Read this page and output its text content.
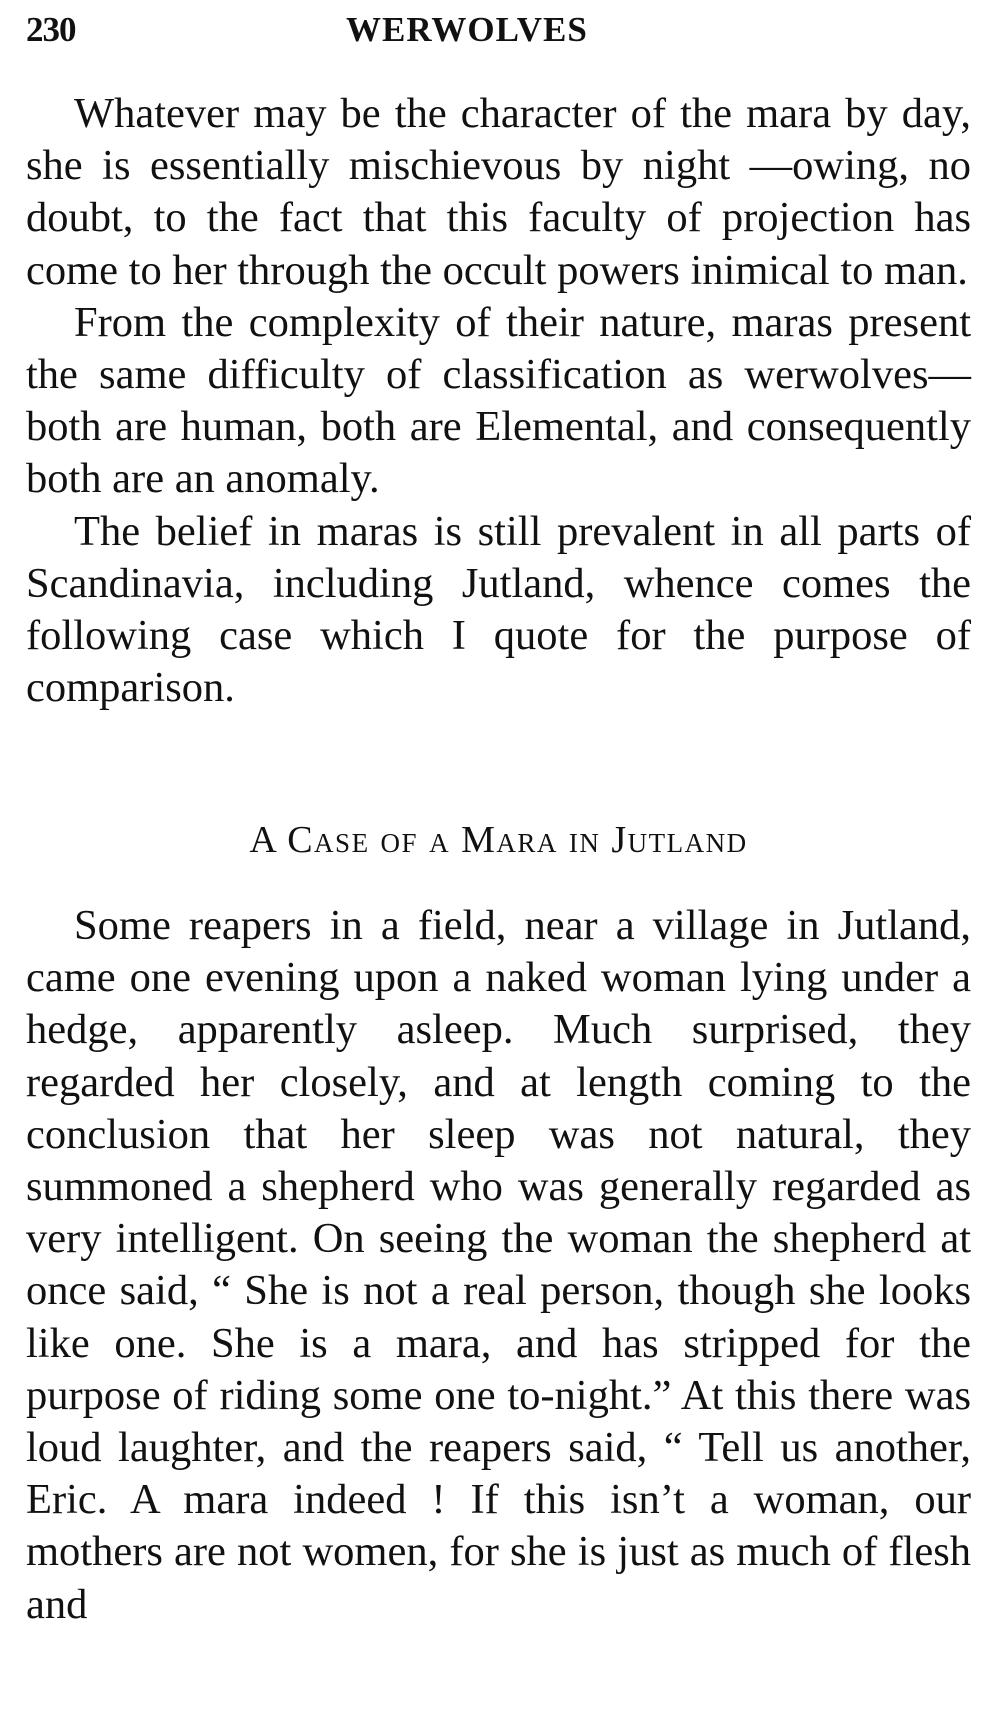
230	WERWOLVES

Whatever may be the character of the mara by day, she is essentially mischievous by night —owing, no doubt, to the fact that this faculty of projection has come to her through the occult powers inimical to man.

From the complexity of their nature, maras present the same difficulty of classification as werwolves—both are human, both are Elemental, and consequently both are an anomaly.

The belief in maras is still prevalent in all parts of Scandinavia, including Jutland, whence comes the following case which I quote for the purpose of comparison.

A Case of a Mara in Jutland

Some reapers in a field, near a village in Jutland, came one evening upon a naked woman lying under a hedge, apparently asleep. Much surprised, they regarded her closely, and at length coming to the conclusion that her sleep was not natural, they summoned a shepherd who was generally regarded as very intelligent. On seeing the woman the shepherd at once said, “ She is not a real person, though she looks like one. She is a mara, and has stripped for the purpose of riding some one to-night.” At this there was loud laughter, and the reapers said, “ Tell us another, Eric. A mara indeed ! If this isn’t a woman, our mothers are not women, for she is just as much of flesh and
